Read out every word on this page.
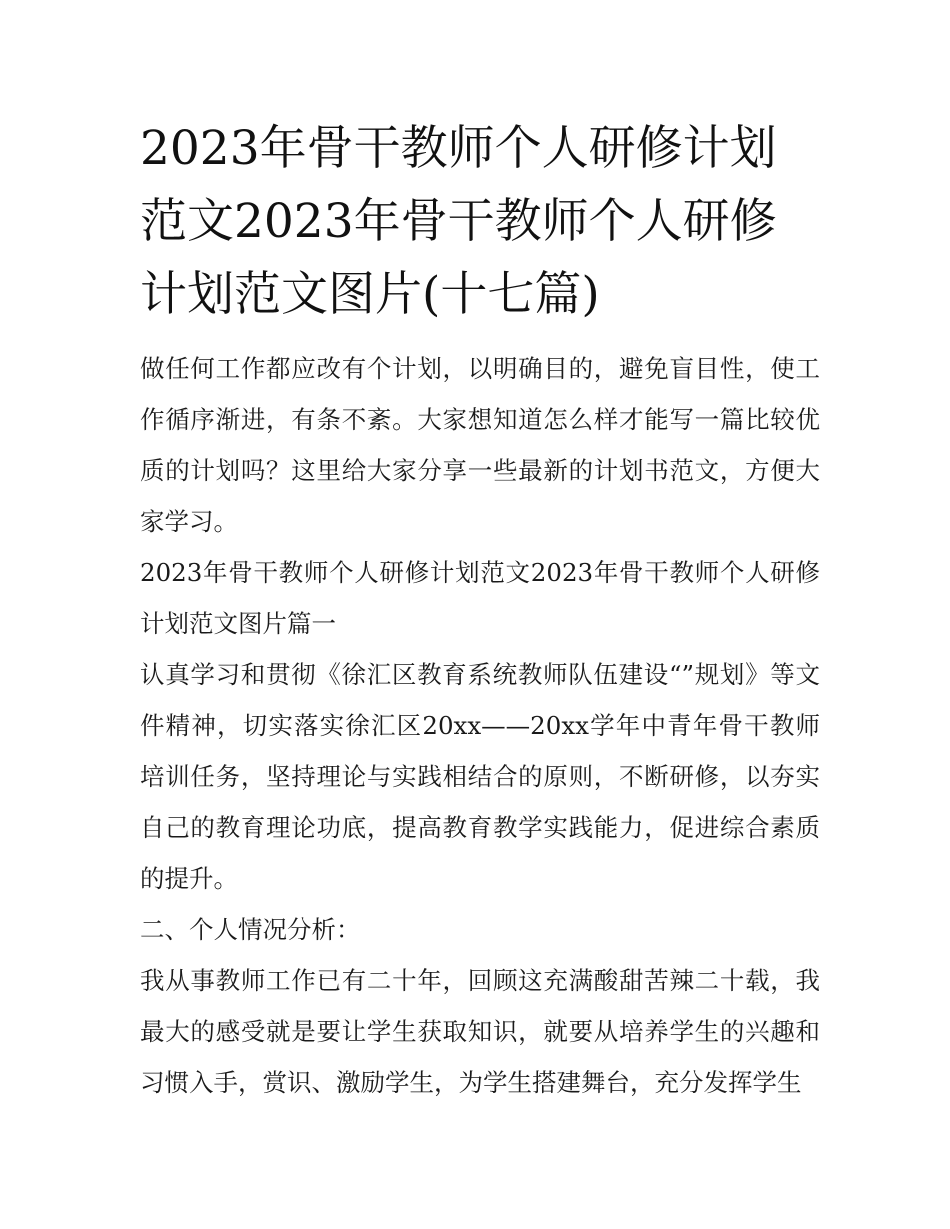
2023年骨干教师个人研修计划范文2023年骨干教师个人研修计划范文图片(十七篇)

做任何工作都应改有个计划，以明确目的，避免盲目性，使工作循序渐进，有条不紊。大家想知道怎么样才能写一篇比较优质的计划吗？这里给大家分享一些最新的计划书范文，方便大家学习。

2023年骨干教师个人研修计划范文2023年骨干教师个人研修计划范文图片篇一

认真学习和贯彻《徐汇区教育系统教师队伍建设“”规划》等文件精神，切实落实徐汇区20xx——20xx学年中青年骨干教师培训任务，坚持理论与实践相结合的原则，不断研修，以夯实自己的教育理论功底，提高教育教学实践能力，促进综合素质的提升。

二、个人情况分析：

我从事教师工作已有二十年，回顾这充满酸甜苦辣二十载，我最大的感受就是要让学生获取知识，就要从培养学生的兴趣和习惯入手，赏识、激励学生，为学生搭建舞台，充分发挥学生
